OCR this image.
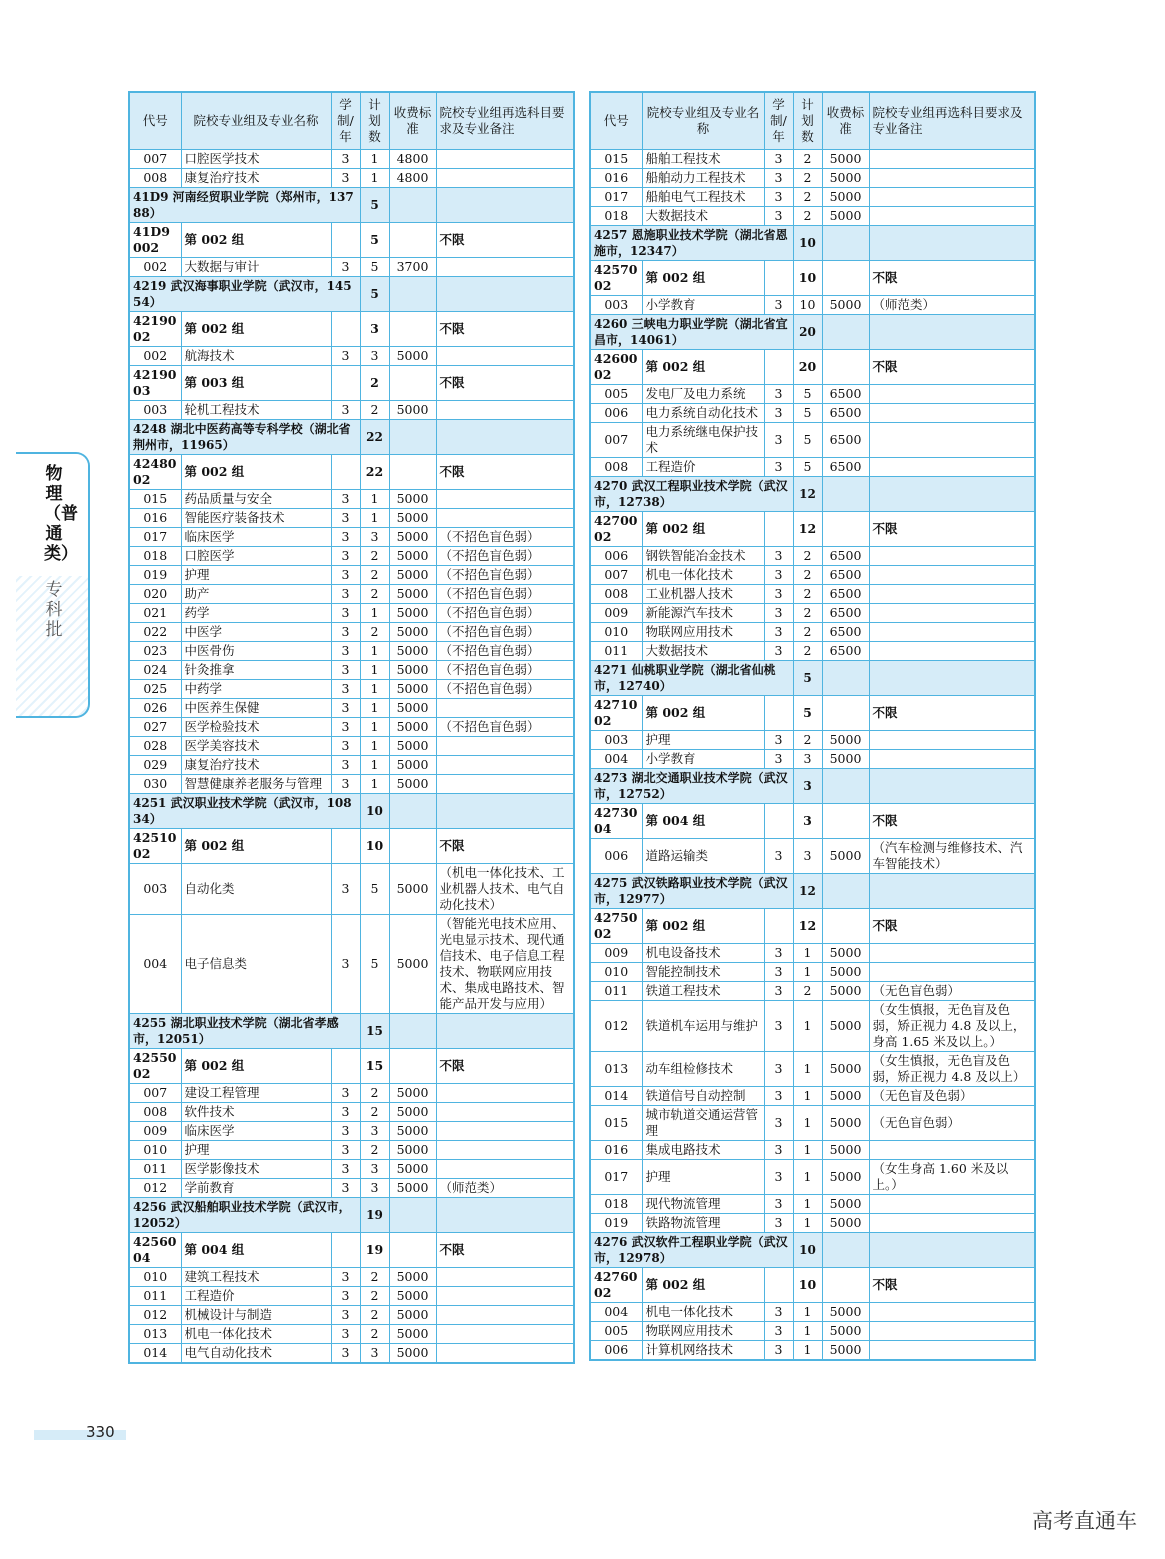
物理（普通类）
专科批
代号	院校专业组及专业名称	学制/年	计划数	收费标准	院校专业组再选科目要求及专业备注
007	口腔医学技术	3	1	4800	
008	康复治疗技术	3	1	4800	
41D9 河南经贸职业学院（郑州市，13788）			5		
41D9002	第 002 组		5		不限
002	大数据与审计	3	5	3700	
4219 武汉海事职业学院（武汉市，14554）			5		
4219002	第 002 组		3		不限
002	航海技术	3	3	5000	
4219003	第 003 组		2		不限
003	轮机工程技术	3	2	5000	
4248 湖北中医药高等专科学校（湖北省荆州市，11965）			22		
4248002	第 002 组		22		不限
015	药品质量与安全	3	1	5000	
016	智能医疗装备技术	3	1	5000	
017	临床医学	3	3	5000	（不招色盲色弱）
018	口腔医学	3	2	5000	（不招色盲色弱）
019	护理	3	2	5000	（不招色盲色弱）
020	助产	3	2	5000	（不招色盲色弱）
021	药学	3	1	5000	（不招色盲色弱）
022	中医学	3	2	5000	（不招色盲色弱）
023	中医骨伤	3	1	5000	（不招色盲色弱）
024	针灸推拿	3	1	5000	（不招色盲色弱）
025	中药学	3	1	5000	（不招色盲色弱）
026	中医养生保健	3	1	5000	
027	医学检验技术	3	1	5000	（不招色盲色弱）
028	医学美容技术	3	1	5000	
029	康复治疗技术	3	1	5000	
030	智慧健康养老服务与管理	3	1	5000	
4251 武汉职业技术学院（武汉市，10834）			10		
4251002	第 002 组		10		不限
003	自动化类	3	5	5000	（机电一体化技术、工业机器人技术、电气自动化技术）
004	电子信息类	3	5	5000	（智能光电技术应用、光电显示技术、现代通信技术、电子信息工程技术、物联网应用技术、集成电路技术、智能产品开发与应用）
4255 湖北职业技术学院（湖北省孝感市，12051）			15		
4255002	第 002 组		15		不限
007	建设工程管理	3	2	5000	
008	软件技术	3	2	5000	
009	临床医学	3	3	5000	
010	护理	3	2	5000	
011	医学影像技术	3	3	5000	
012	学前教育	3	3	5000	（师范类）
4256 武汉船舶职业技术学院（武汉市，12052）			19		
4256004	第 004 组		19		不限
010	建筑工程技术	3	2	5000	
011	工程造价	3	2	5000	
012	机械设计与制造	3	2	5000	
013	机电一体化技术	3	2	5000	
014	电气自动化技术	3	3	5000	
代号	院校专业组及专业名称	学制/年	计划数	收费标准	院校专业组再选科目要求及专业备注
015	船舶工程技术	3	2	5000	
016	船舶动力工程技术	3	2	5000	
017	船舶电气工程技术	3	2	5000	
018	大数据技术	3	2	5000	
4257 恩施职业技术学院（湖北省恩施市，12347）			10		
4257002	第 002 组		10		不限
003	小学教育	3	10	5000	（师范类）
4260 三峡电力职业学院（湖北省宜昌市，14061）			20		
4260002	第 002 组		20		不限
005	发电厂及电力系统	3	5	6500	
006	电力系统自动化技术	3	5	6500	
007	电力系统继电保护技术	3	5	6500	
008	工程造价	3	5	6500	
4270 武汉工程职业技术学院（武汉市，12738）			12		
4270002	第 002 组		12		不限
006	钢铁智能冶金技术	3	2	6500	
007	机电一体化技术	3	2	6500	
008	工业机器人技术	3	2	6500	
009	新能源汽车技术	3	2	6500	
010	物联网应用技术	3	2	6500	
011	大数据技术	3	2	6500	
4271 仙桃职业学院（湖北省仙桃市，12740）			5		
4271002	第 002 组		5		不限
003	护理	3	2	5000	
004	小学教育	3	3	5000	
4273 湖北交通职业技术学院（武汉市，12752）			3		
4273004	第 004 组		3		不限
006	道路运输类	3	3	5000	（汽车检测与维修技术、汽车智能技术）
4275 武汉铁路职业技术学院（武汉市，12977）			12		
4275002	第 002 组		12		不限
009	机电设备技术	3	1	5000	
010	智能控制技术	3	1	5000	
011	铁道工程技术	3	2	5000	（无色盲色弱）
012	铁道机车运用与维护	3	1	5000	（女生慎报，无色盲及色弱，矫正视力 4.8 及以上，身高 1.65 米及以上。）
013	动车组检修技术	3	1	5000	（女生慎报，无色盲及色弱，矫正视力 4.8 及以上）
014	铁道信号自动控制	3	1	5000	（无色盲及色弱）
015	城市轨道交通运营管理	3	1	5000	（无色盲色弱）
016	集成电路技术	3	1	5000	
017	护理	3	1	5000	（女生身高 1.60 米及以上。）
018	现代物流管理	3	1	5000	
019	铁路物流管理	3	1	5000	
4276 武汉软件工程职业学院（武汉市，12978）			10		
4276002	第 002 组		10		不限
004	机电一体化技术	3	1	5000	
005	物联网应用技术	3	1	5000	
006	计算机网络技术	3	1	5000	
330
高考直通车
